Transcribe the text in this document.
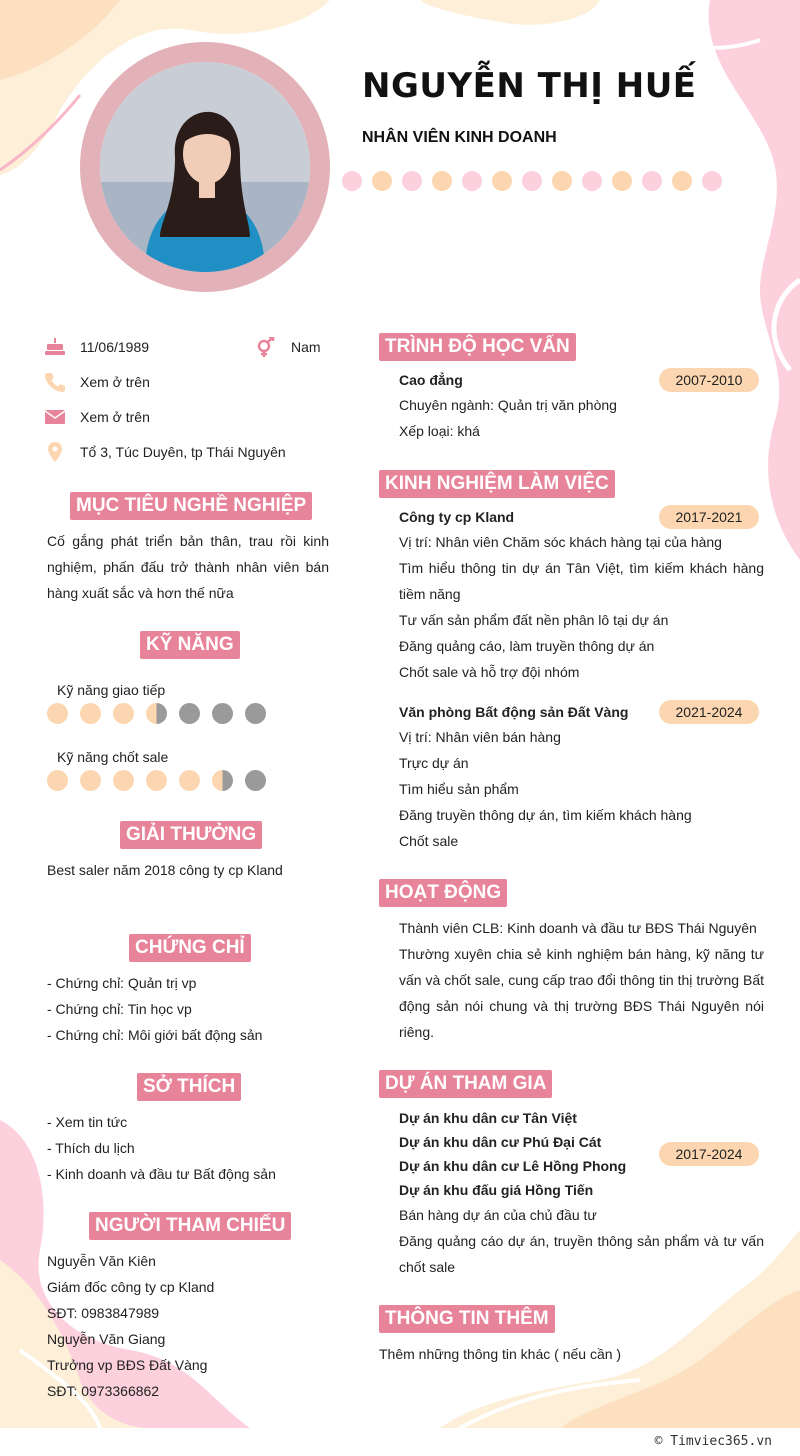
NGUYỄN THỊ HUẾ
NHÂN VIÊN KINH DOANH
11/06/1989	Nam
Xem ở trên
Xem ở trên
Tổ 3, Túc Duyên, tp Thái Nguyên
MỤC TIÊU NGHỀ NGHIỆP
Cố gắng phát triển bản thân, trau rồi kinh nghiệm, phấn đấu trở thành nhân viên bán hàng xuất sắc và hơn thế nữa
KỸ NĂNG
Kỹ năng giao tiếp
Kỹ năng chốt sale
GIẢI THƯỞNG
Best saler năm 2018 công ty cp Kland
CHỨNG CHỈ
- Chứng chỉ: Quản trị vp
- Chứng chỉ: Tin học vp
- Chứng chỉ: Môi giới bất động sản
SỞ THÍCH
- Xem tin tức
- Thích du lịch
- Kinh doanh và đầu tư Bất động sản
NGƯỜI THAM CHIẾU
Nguyễn Văn Kiên
Giám đốc công ty cp Kland
SĐT: 0983847989
Nguyễn Văn Giang
Trưởng vp BĐS Đất Vàng
SĐT: 0973366862
TRÌNH ĐỘ HỌC VẤN
Cao đẳng	2007-2010
Chuyên ngành: Quản trị văn phòng
Xếp loại: khá
KINH NGHIỆM LÀM VIỆC
Công ty cp Kland	2017-2021
Vị trí: Nhân viên Chăm sóc khách hàng tại của hàng
Tìm hiểu thông tin dự án Tân Việt, tìm kiếm khách hàng tiềm năng
Tư vấn sản phẩm đất nền phân lô tại dự án
Đăng quảng cáo, làm truyền thông dự án
Chốt sale và hỗ trợ đội nhóm
Văn phòng Bất động sản Đất Vàng	2021-2024
Vị trí: Nhân viên bán hàng
Trực dự án
Tìm hiểu sản phẩm
Đăng truyền thông dự án, tìm kiếm khách hàng
Chốt sale
HOẠT ĐỘNG
Thành viên CLB: Kinh doanh và đầu tư BĐS Thái Nguyên
Thường xuyên chia sẻ kinh nghiệm bán hàng, kỹ năng tư vấn và chốt sale, cung cấp trao đổi thông tin thị trường Bất động sản nói chung và thị trường BĐS Thái Nguyên nói riêng.
DỰ ÁN THAM GIA
Dự án khu dân cư Tân Việt
Dự án khu dân cư Phú Đại Cát
Dự án khu dân cư Lê Hồng Phong
Dự án khu đấu giá Hồng Tiến
2017-2024
Bán hàng dự án của chủ đầu tư
Đăng quảng cáo dự án, truyền thông sản phẩm và tư vấn chốt sale
THÔNG TIN THÊM
Thêm những thông tin khác ( nếu cần )
© Timviec365.vn
